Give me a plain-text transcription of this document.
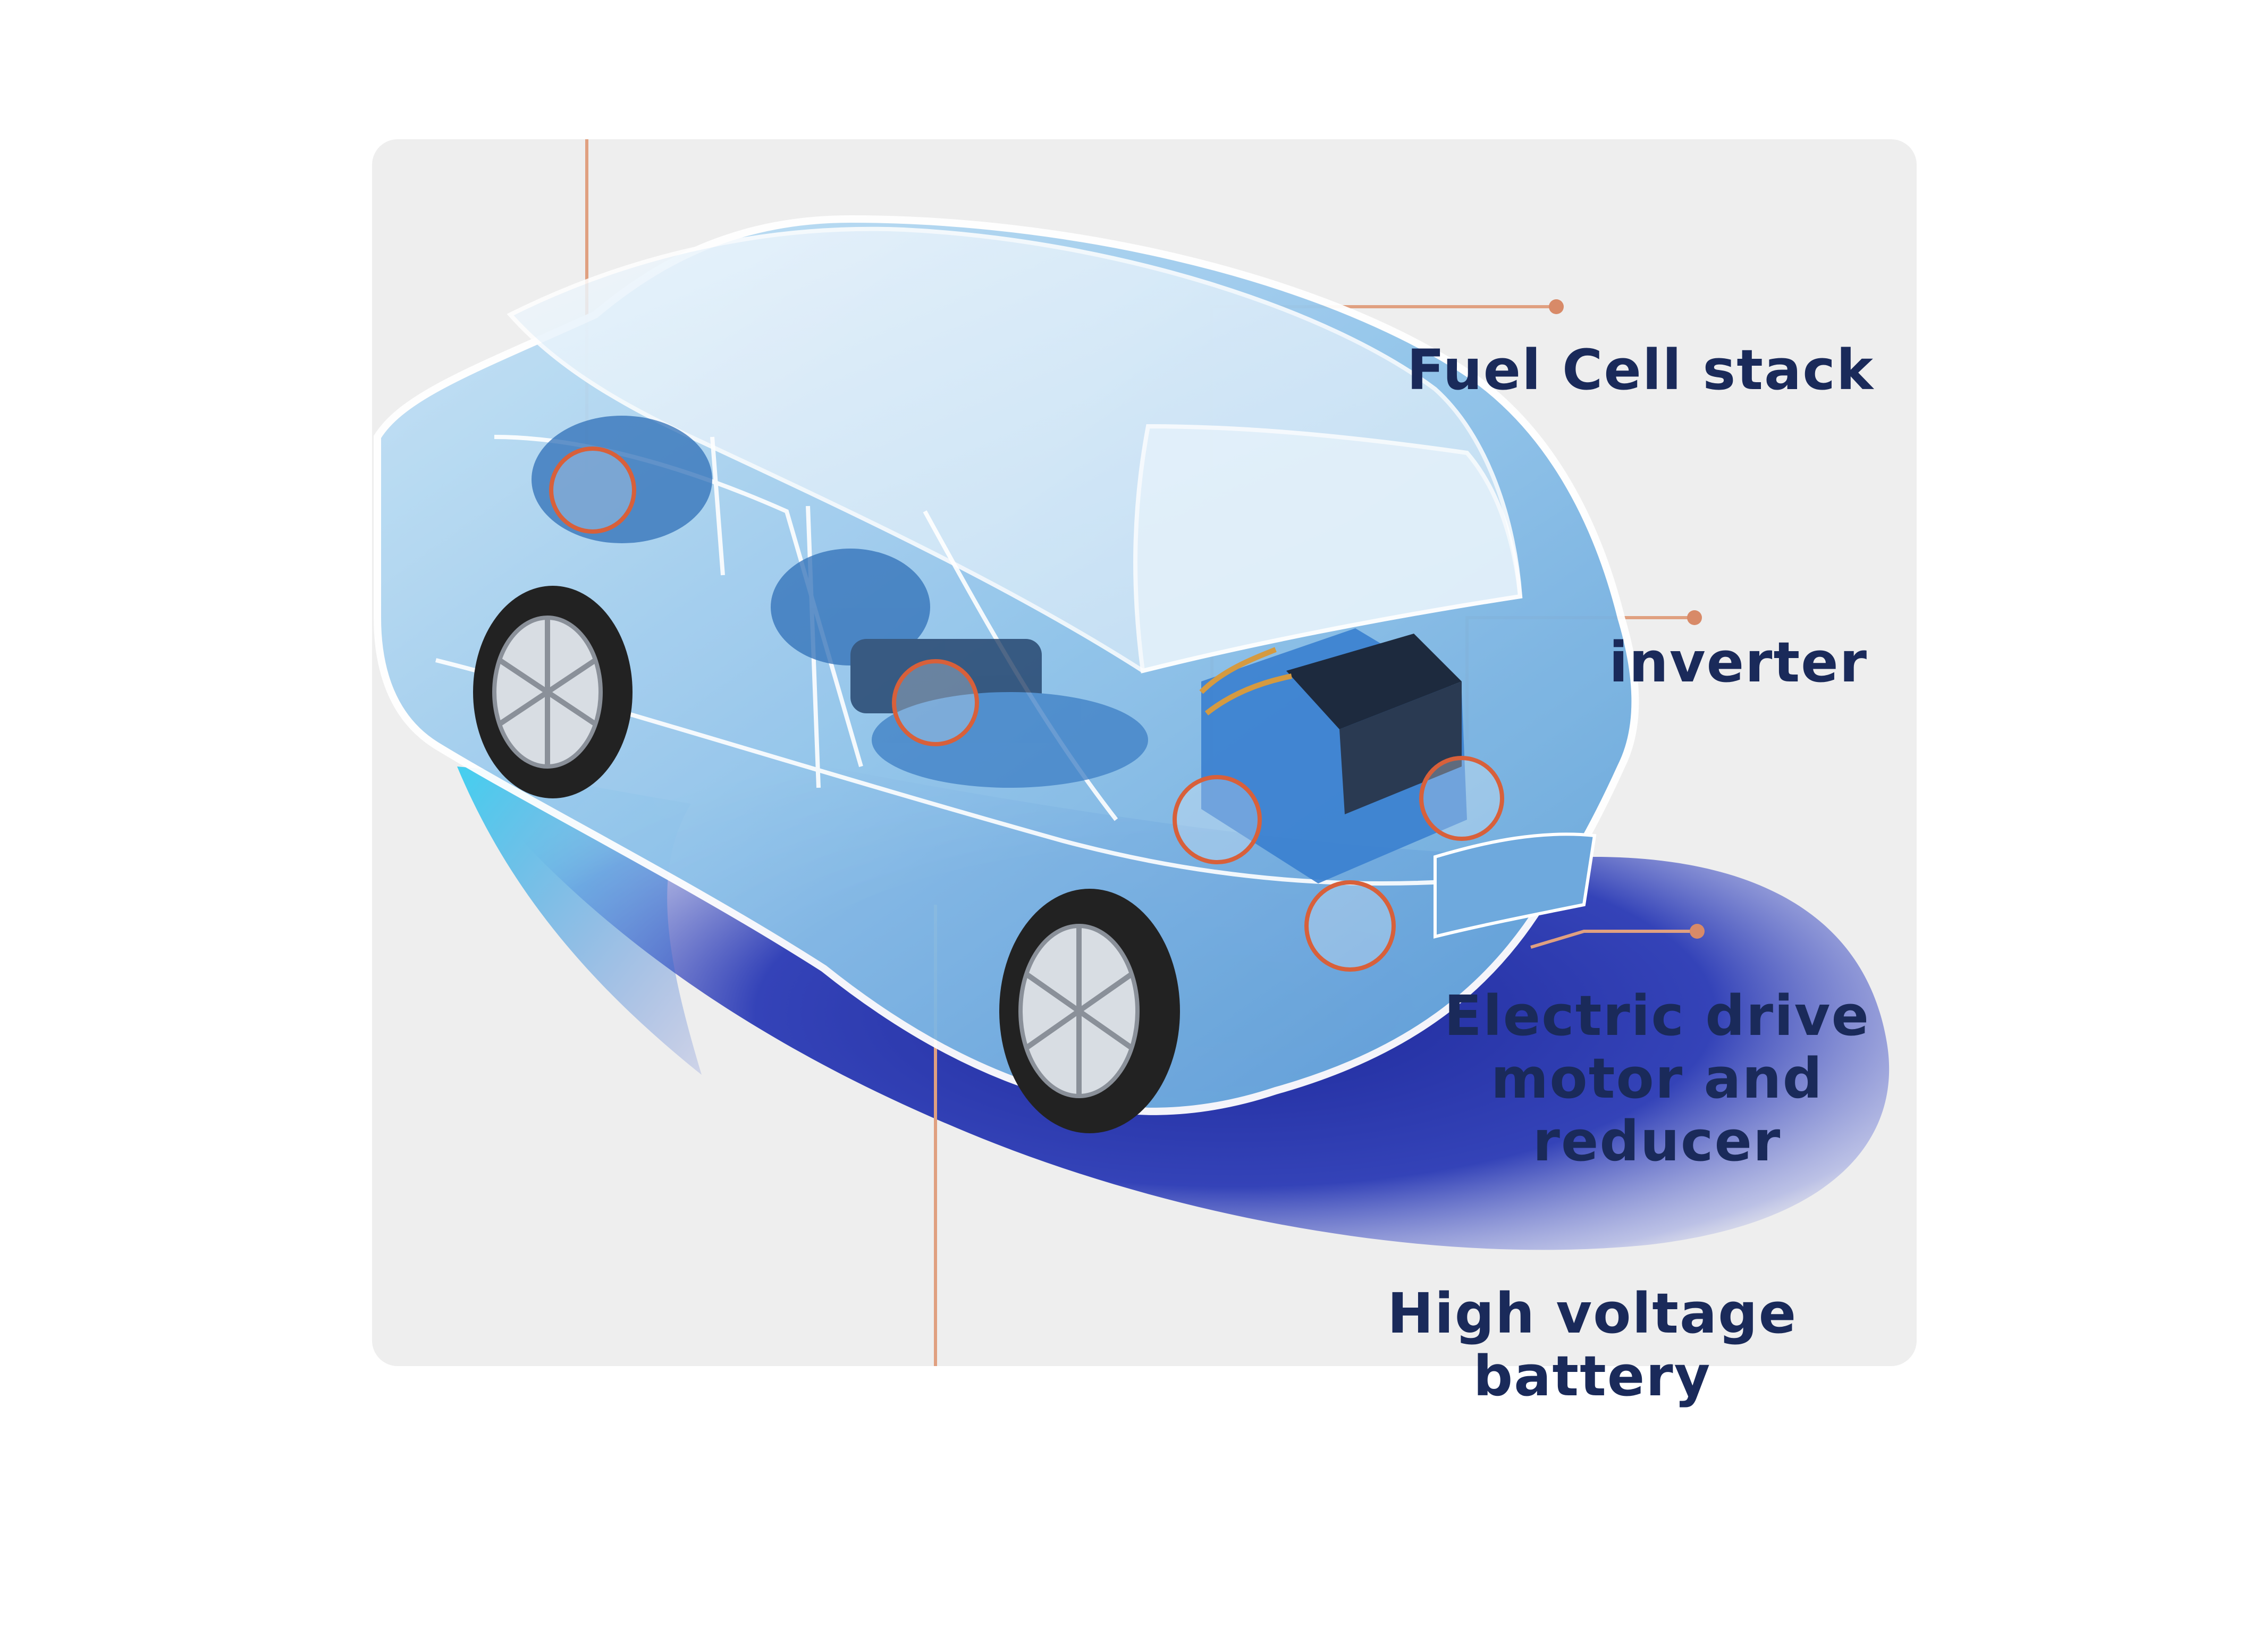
Fuel Cell stack
inverter
Electric drive
motor and
reducer
High voltage
battery
